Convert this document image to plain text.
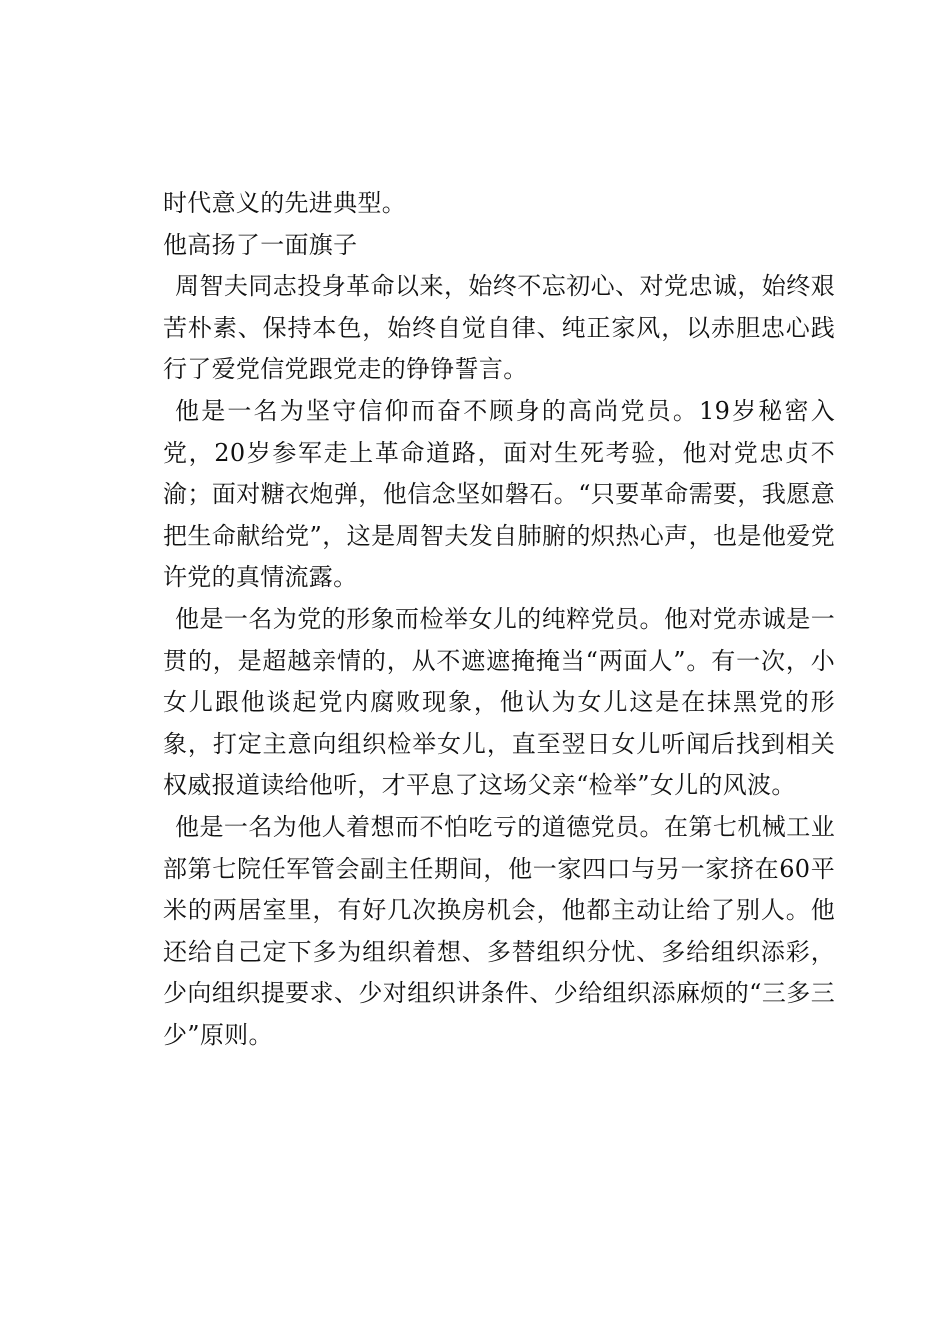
时代意义的先进典型。

他高扬了一面旗子

周智夫同志投身革命以来，始终不忘初心、对党忠诚，始终艰苦朴素、保持本色，始终自觉自律、纯正家风，以赤胆忠心践行了爱党信党跟党走的铮铮誓言。

他是一名为坚守信仰而奋不顾身的高尚党员。19岁秘密入党，20岁参军走上革命道路，面对生死考验，他对党忠贞不渝；面对糖衣炮弹，他信念坚如磐石。“只要革命需要，我愿意把生命献给党”，这是周智夫发自肺腑的炽热心声，也是他爱党许党的真情流露。

他是一名为党的形象而检举女儿的纯粹党员。他对党赤诚是一贯的，是超越亲情的，从不遮遮掩掩当“两面人”。有一次，小女儿跟他谈起党内腐败现象，他认为女儿这是在抹黑党的形象，打定主意向组织检举女儿，直至翌日女儿听闻后找到相关权威报道读给他听，才平息了这场父亲“检举”女儿的风波。

他是一名为他人着想而不怕吃亏的道德党员。在第七机械工业部第七院任军管会副主任期间，他一家四口与另一家挤在60平米的两居室里，有好几次换房机会，他都主动让给了别人。他还给自己定下多为组织着想、多替组织分忧、多给组织添彩，少向组织提要求、少对组织讲条件、少给组织添麻烦的“三多三少”原则。
